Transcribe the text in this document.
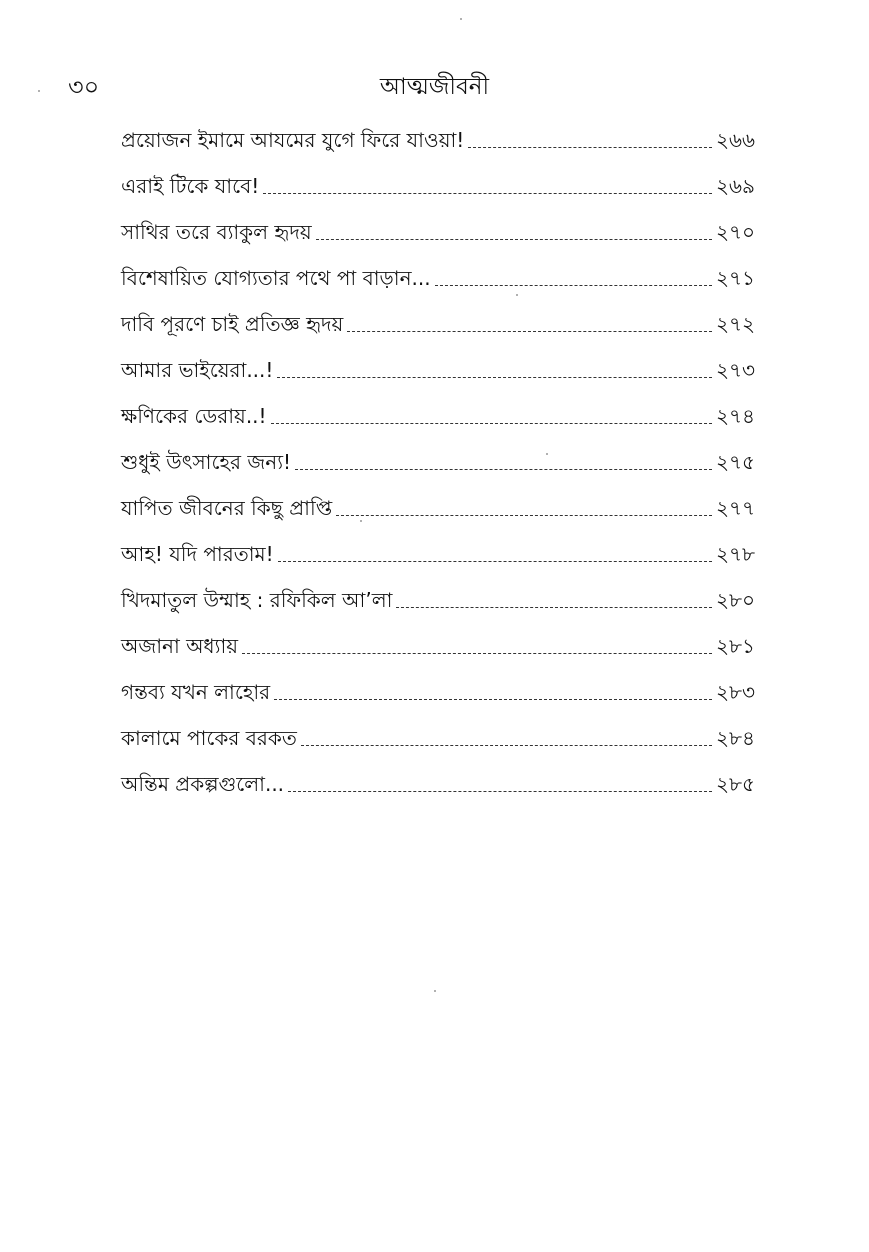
৩০	আত্মজীবনী
প্রয়োজন ইমামে আযমের যুগে ফিরে যাওয়া!	২৬৬
এরাই টিকে যাবে!	২৬৯
সাথির তরে ব্যাকুল হৃদয়	২৭০
বিশেষায়িত যোগ্যতার পথে পা বাড়ান...	২৭১
দাবি পূরণে চাই প্রতিজ্ঞ হৃদয়	২৭২
আমার ভাইয়েরা...!	২৭৩
ক্ষণিকের ডেরায়..!	২৭৪
শুধুই উৎসাহের জন্য!	২৭৫
যাপিত জীবনের কিছু প্রাপ্তি	২৭৭
আহ! যদি পারতাম!	২৭৮
খিদমাতুল উম্মাহ : রফিকিল আ’লা	২৮০
অজানা অধ্যায়	২৮১
গন্তব্য যখন লাহোর	২৮৩
কালামে পাকের বরকত	২৮৪
অন্তিম প্রকল্পগুলো...	২৮৫
